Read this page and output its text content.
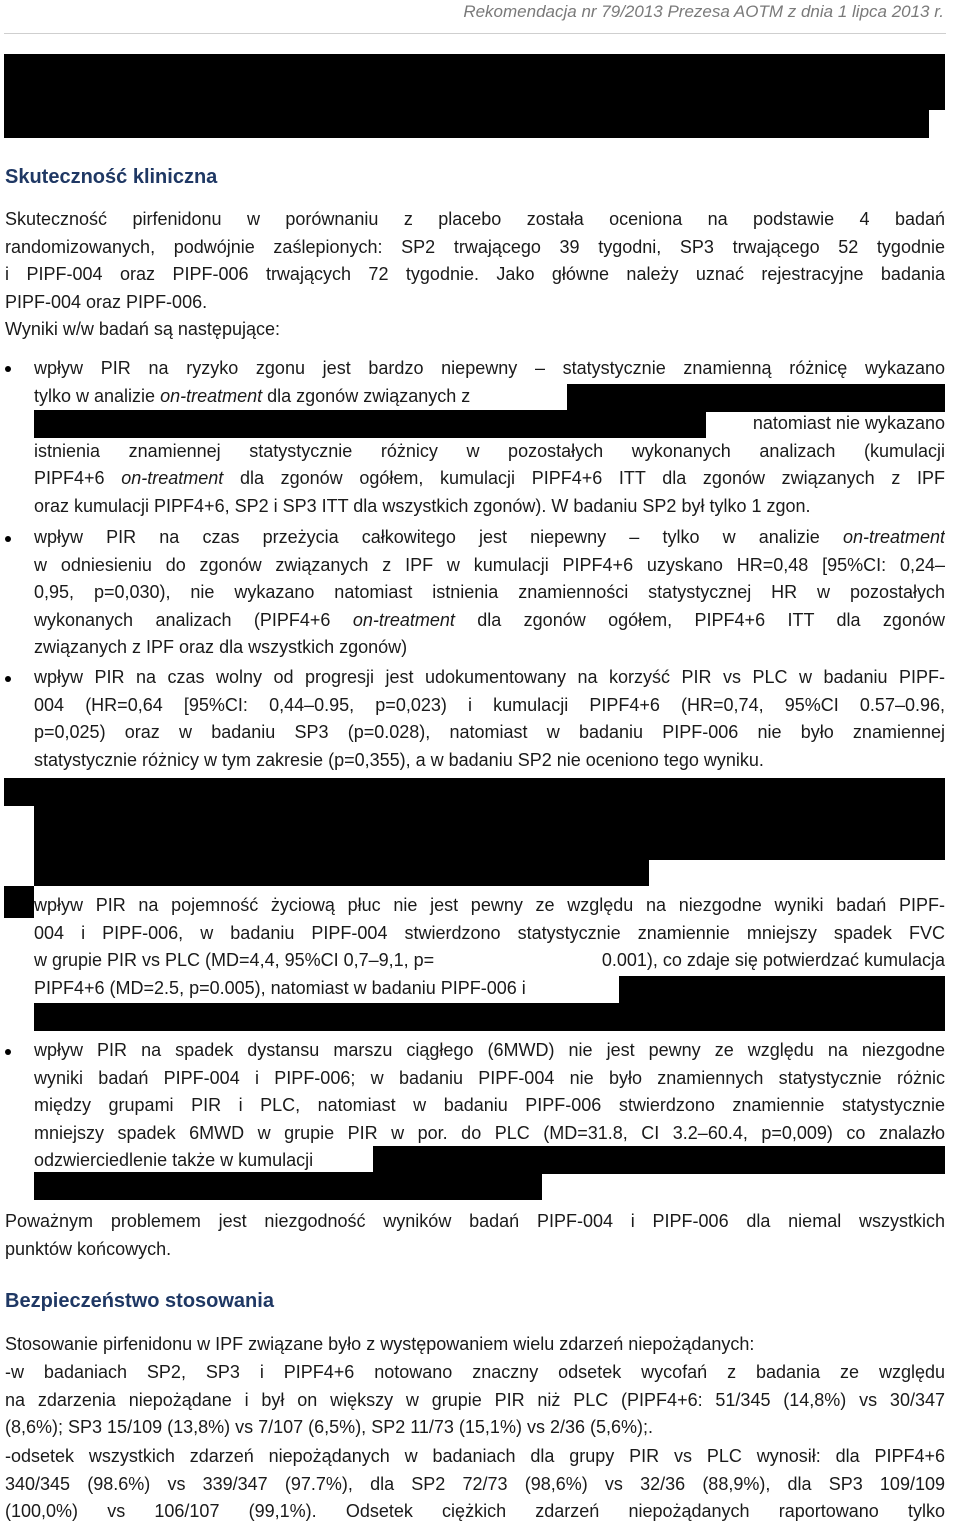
Rekomendacja nr 79/2013 Prezesa AOTM z dnia 1 lipca 2013 r.
Skuteczność kliniczna
Skuteczność pirfenidonu w porównaniu z placebo została oceniona na podstawie 4 badań
randomizowanych, podwójnie zaślepionych: SP2 trwającego 39 tygodni, SP3 trwającego 52 tygodnie
i PIPF-004 oraz PIPF-006 trwających 72 tygodnie. Jako główne należy uznać rejestracyjne badania
PIPF-004 oraz PIPF-006.
Wyniki w/w badań są następujące:
wpływ PIR na ryzyko zgonu jest bardzo niepewny – statystycznie znamienną różnicę wykazano
tylko w analizie on-treatment dla zgonów związanych z
natomiast nie wykazano
istnienia znamiennej statystycznie różnicy w pozostałych wykonanych analizach (kumulacji
PIPF4+6 on-treatment dla zgonów ogółem, kumulacji PIPF4+6 ITT dla zgonów związanych z IPF
oraz kumulacji PIPF4+6, SP2 i SP3 ITT dla wszystkich zgonów). W badaniu SP2 był tylko 1 zgon.
wpływ PIR na czas przeżycia całkowitego jest niepewny – tylko w analizie on-treatment
w odniesieniu do zgonów związanych z IPF w kumulacji PIPF4+6 uzyskano HR=0,48 [95%CI: 0,24–
0,95, p=0,030), nie wykazano natomiast istnienia znamienności statystycznej HR w pozostałych
wykonanych analizach (PIPF4+6 on-treatment dla zgonów ogółem, PIPF4+6 ITT dla zgonów
związanych z IPF oraz dla wszystkich zgonów)
wpływ PIR na czas wolny od progresji jest udokumentowany na korzyść PIR vs PLC w badaniu PIPF-
004 (HR=0,64 [95%CI: 0,44–0.95, p=0,023) i kumulacji PIPF4+6 (HR=0,74, 95%CI 0.57–0.96,
p=0,025) oraz w badaniu SP3 (p=0.028), natomiast w badaniu PIPF-006 nie było znamiennej
statystycznie różnicy w tym zakresie (p=0,355), a w badaniu SP2 nie oceniono tego wyniku.
wpływ PIR na pojemność życiową płuc nie jest pewny ze względu na niezgodne wyniki badań PIPF-
004 i PIPF-006, w badaniu PIPF-004 stwierdzono statystycznie znamiennie mniejszy spadek FVC
w grupie PIR vs PLC (MD=4,4, 95%CI 0,7–9,1, p=	0.001), co zdaje się potwierdzać kumulacja
PIPF4+6 (MD=2.5, p=0.005), natomiast w badaniu PIPF-006 i
wpływ PIR na spadek dystansu marszu ciągłego (6MWD) nie jest pewny ze względu na niezgodne
wyniki badań PIPF-004 i PIPF-006; w badaniu PIPF-004 nie było znamiennych statystycznie różnic
między grupami PIR i PLC, natomiast w badaniu PIPF-006 stwierdzono znamiennie statystycznie
mniejszy spadek 6MWD w grupie PIR w por. do PLC (MD=31.8, CI 3.2–60.4, p=0,009) co znalazło
odzwierciedlenie także w kumulacji
Poważnym problemem jest niezgodność wyników badań PIPF-004 i PIPF-006 dla niemal wszystkich
punktów końcowych.
Bezpieczeństwo stosowania
Stosowanie pirfenidonu w IPF związane było z występowaniem wielu zdarzeń niepożądanych:
-w badaniach SP2, SP3 i PIPF4+6 notowano znaczny odsetek wycofań z badania ze względu
na zdarzenia niepożądane i był on większy w grupie PIR niż PLC (PIPF4+6: 51/345 (14,8%) vs 30/347
(8,6%); SP3 15/109 (13,8%) vs 7/107 (6,5%), SP2 11/73 (15,1%) vs 2/36 (5,6%);.
-odsetek wszystkich zdarzeń niepożądanych w badaniach dla grupy PIR vs PLC wynosił: dla PIPF4+6
340/345 (98.6%) vs 339/347 (97.7%), dla SP2 72/73 (98,6%) vs 32/36 (88,9%), dla SP3 109/109
(100,0%) vs 106/107 (99,1%). Odsetek ciężkich zdarzeń niepożądanych raportowano tylko
